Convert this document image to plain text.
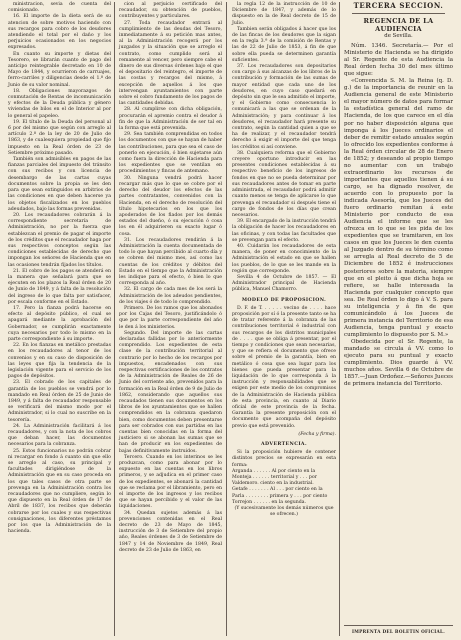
ministracion, sevia de cuenta del comisionado.

16. El importe de la dieta será de su atencion de sobre motivos haciendo con sus recargos para cobro de los deudores atendiendo el total por el daño y los perjuicios ocasionados en los negocios expresados.

En cuanto su importe y dietas del Tesorero, se librarán cuanto de pago del anticipo reintegrable decretado en 10 de Mayo de 1844, y ocurrieron de carruajes, ferro-carriles y diligencias desde el 1.º de Junio de su valor nominal.

18. Obligaciones mayorazgos de conmutación de Rentas de incomunicación y efectos de la Deuda pública y género viviendas de bilos en el de Interior al por lo general el papeleo.

19. El título de la Deuda del personal al 6 por del mismo que según con arreglo al artículo 2.º de la ley de 20 de Julio de 1863, y de cualesquiera propiedad que fijo impuesto en la Real órden de 23 de Setiembre próximo pasado.

También son admisibles en pagos de las fianzas parciales del impuesto del tránsito con sus recibos y con licencia de desembargo de las cartas cuyas documentos sobre la propia se les den para que sean extinguidos en arbitrios de las condiciones en que deben hacerse ya los objetos fiscalizados en los pueblos adeudados, bajo las formas prevenidas.

20. Los recaudadores cobrarán á la correspondiente secretaría de Administración, no por la fuerza que establezcan el premio de pagar el importe de los créditos que el recaudador haga por sus respectivos conceptos según las condiciones establecidas de derecho que impongan los señores de Hacienda que en las ocasiones tendrán fijados los títulos.

21. El cobro de los pagos se atenderá en la manera que señalará para que se ejecuten en los plazos la Real órden de 20 de Junio de 1849, y á falta de la resolución del ingreso de lo que falta por satisfacer, por escala conforme en el Estado.

17. Pero la fianza podrá hacerse en efecto al depósito público, el cual se apagará mediante la aprobación del Gobernador, se cumplirán exactamente cuya necesarios por todo lo mismo en la parte correspondiente á su importe.

22. En los fianzas en metálico prestadas en los recaudadores al tenor de los convenios y en su caso de disposición de las leyes que fija la tendencia de la legislación vigente para el servicio de los pagos de depósitos.

23. El cobrado de los capitales de garantía de los pueblos se vendrá por lo mandado en Real órden de 25 de Junio de 1849, y á falta de recaudador responsable se verificará del mismo modo por el Administrador, si lo cual no suscribe en la tesorería.

24. La Administración facilitará á los recaudadores, y con la nota de los cobros que deban hacer, las documentos necesarios para la cobranza.

25. Estos funcionarios no podrán cobrar ni recargar en fondo á cuanto sin que ello se arreglo al caso, su principal y facultades dirigiéndose de la Administración que en su caso proceda en los que tales casos de otra parte se prevenga en la Administración contra los recaudadores que no cumpliere, según lo que dispuesto en la Real órden de 17 de Abril de 1837, los recibos que deberán cobrarse por los cuales y sus respectivas consignaciones, los diferentes préstamos por los que la Administración de la hacienda.

cion al perjuicio certificado del recaudador, su obtención de pueblos, contribuyentes y particulares.

27. Toda recaudador entrará al cumplimiento de las deudas del Tesoro, inmediatamente á su petición mas antes, al la Administración recogerá por los juzgados y la situación que se arreglo el contrato, como cumplido será al remanente al vencer, pero siempre cabe el dinero de sus diversas órdenes bajo el que el depositario del reintegro, el importe de las costas y recargos del mismo, á excepción de aquellos á los que intervengan ayuntamientos con parte sobre el cobro fundamento de los pagos de las cantidades debidas.

28. Al cumplirse con dicha obligación, procurarán el apremio contra el deudor á fin de que la Administración de ser tal en la forma que está prevenida.

29. Sea también comprendidas en todos los documentos con que se hayan de haber las contribuciones, para que sea el caso de ponerlo en ejecución, ó bien sujetarse aún como fuera la dirección de Hacienda para los expedientes que se ventilan en procedimientos y fincas de antemano.

30. Ninguna vendrá podrá hacer recargar más que lo que se cobre por el derecho del deudor los efectos de las partes contratantes, convenidos con la Hacienda, en el derecho de resolución del título hipotecarios en los que los apoderados de los fiados por los demás estados del dueño, ó su ejecución ó cosa los en él adquirieren su exacto lugar ó cosa.

31. Los recaudadores rendirán á la Administración la cuenta documentada de todo lo que hayan percibido al cuarto día y se cobren del mismo mes, así como las cuentas de los créditos y débitos del Estado en el tiempo que la Administración les indique para el efecto, ó bien lo que corresponda al año.

32. El cargo de cada mes de los será la Administración de los adeudos pendientes, de los viajes ó de todo lo comprendido.

Primero. De los ramos que los abonados por los Cajas del Tesoro, justificándolo ó que por la parte correspondiente del año le den á los ministerios.

Segundo. Del importe de las cartas declaradas fallidas por lo anteriormente comprendido. Los expedientes de esta clase de la contribución territorial al contrario por lo hecho de los recargos por impuestos, encadenados con sus respectivas certificaciones de los contratos de la Administración de Reales de 26 de Junio del corriente año, prevenidos para la formación en la Real órden de 9 de Julio de 1862, considerando que aquellos sus recaudados tienen sus documentos en los libros de los ayuntamientos que se hallen comprendidos en la cobranza quedaron bien, como documentos deben presentarse para ser cobrados con sus partidas en las cuentas bien conocidas en la forma del justiciero si se abonan las sumas que se han de producir en los expedientes de bajas definitivamente instruidos.

Tercero. Cuando en los interinos se les produzcan, como para abonar por lo expuesto en las cuentas en los libros primeros, y se adjudica en el primer caso de los expedientes, se abonará la cantidad que se reclama por el libramiento, pero en el importe de los ingresos y los recibos que se hayan percibido y el valor de las liquidaciones.

34. Quedan sujetos además á las prevenciones contenidas en el Real decreto de 23 de Mayo de 1845, instrucción de 3 de Setiembre del propio año, Reales órdenes de 3 de Setiembre de 1847 y 14 de Noviembre de 1849, Real decreto de 23 de Julio de 1863, en

la regla 12 de la instrucción de 10 de Diciembre de 1847, y además de lo dispuesto en la de Real decreto de 15 de Julio.

Tambien serán obligados á hacer que los de las fincas de los deudores que la sigan en la regla 3.ª de la comisión de Rentas y las de 22 de Julio de 1853, á fin de que sobre ella pueda se determinen garantía suficientes.

37. Los recaudadores son depositarios con cargo á sus alcanzas de los libros de la contribución y formación de las sumas de mayor entidad que cada uno de los deudores, en cuyo caso quedará en depósito sin que le sea admitido el importe, y el Gobierno como consecuencia lo comunicará a las que se ordenan de la Administración; y para continuar á los deudores, el recaudador hará presente su contrato, según la cantidad quien a que se ha de realizar, y el recaudador tendrá derecho á exigir el importe del que tenga los créditos si así conviene.

38. Cualquiera reforma que el Gobierno creyere oportuno introducir en las presentes condiciones establecidas á su respectivo beneficio de los ingresos de fondos en que no se pueda determinar por sus recaudadores antes de tomar en parte administrada, el recaudador podrá admitir cuanto menos se tenga de aplicarse lo que prevenga el recaudador si después tiene el cargo de fondos de los días que crean necesarios.

39. El encargado de la instrucción tendrá la obligación de hacer los recaudadores en las oficinas, y con todas las facultades que se prevengan para el efecto.

40. Cuidarán los recaudadores de esta manera, de poner en conocimiento de la Administración el estado en que se hallen los pueblos, de lo que se les mande en la región que corresponde.

Sevilla 4 de Octubre de 1857. — El Administrador principal de Hacienda pública, Manuel Chamorro.

MODELO DE PROPOSICION.

D. F. de T. . . . . . vecino de . . . . hace proposición por sí ó la presente tanto se ha de tratar referente á la cobranza de las contribuciones territorial é industrial con sus recargos de los distritos municipales de . . . . que se obliga á presentar, por el tiempo y condiciones que sean necesarias, y que se refiera el documento que ofrece sobre el premio de la garantía, bien en metálico ó cosa que sea lugar para los bienes que pueda presentar para la liquidación de lo que corresponda á la instrucción y responsabilidades que se exigen por este medio de los compromisos de la Administración de Hacienda pública de esta provincia, en cuanto al Diario oficial de este provincia de la fecha. Garantía la presente proposición con el documento que acompaña del depósito previo que está prevenido.

(Fecha y firma).

ADVERTENCIA.

Si la proposición hubiere de contener distintos precios se expresarán en esta forma:

Arganda . . . . . . Al por ciento en la

Monteja . . . . . . territorial y . . . por

Valdemoro. ciento en la industrial.

Getafe . . . . . . . Al . . . por ciento en la

Parla . . . . . . . . primera y . . . por ciento

Torrejon . . . . . . en la segunda.

(Y sucesivamente los demás números que se ofrecen.)

TERCERA SECCION.
REGENCIA DE LA AUDIENCIA
de Sevilla.

Núm. 1346. Secretaría.— Por el Ministerio de Hacienda se ha dirigido al Sr. Regente de esta Audiencia la Real órden fecha 30 del mes último que sigue:

«Convencida S. M. la Reina (q. D. g.) de la importancia de reunir en la Audiencia general de este Ministerio el mayor número de datos para formar la estadística general del ramo de Hacienda, de los que carece en el día por no haber disposición alguna que imponga á los Jueces ordinarios el deber de remitir estado anuales según lo ofrecido los expedientes conforme á la Real órden circular de 28 de Enero de 1852; y deseando al propio tiempo no aumentar con un trabajo extraordinario los recursos de importantes que aquellos tienen á su cargo, se ha dignado resolver, de acuerdo con lo propuesto por la indicada Asesoría, que los Jueces del fuero ordinario remitan á este Ministerio por conducto de esa Audiencia el informe que se les ofrezca en lo que se les pida de los expedientes que se tramitaren, en los casos en que los Jueces le den cuenta al Juzgado dentro de su término como se arregla al Real decreto de 5 de Diciembre de 1852 é instrucciones posteriores sobre la materia, siempre que en el pleito á que dicha hoja se refiere, se halle interesada la Hacienda por cualquier concepto que sea. De Real órden lo digo á V. S. para su inteligencia y á fin de que comunicándolo á los Jueces de primera instancia del Territorio de esa Audiencia, tenga puntual y exacto cumplimiento lo dispuesto por S. M.»

Obedecida por el Sr. Regente, la mandado se circula á VV. como lo ejecuto para su puntual y exacto cumplimiento. Dios guarde á VV. muchos años. Sevilla 6 de Octubre de 1857.—Juan Ordoñez.—Señores Jueces de primera instancia del Territorio.

IMPRENTA DEL BOLETIN OFICIAL.
